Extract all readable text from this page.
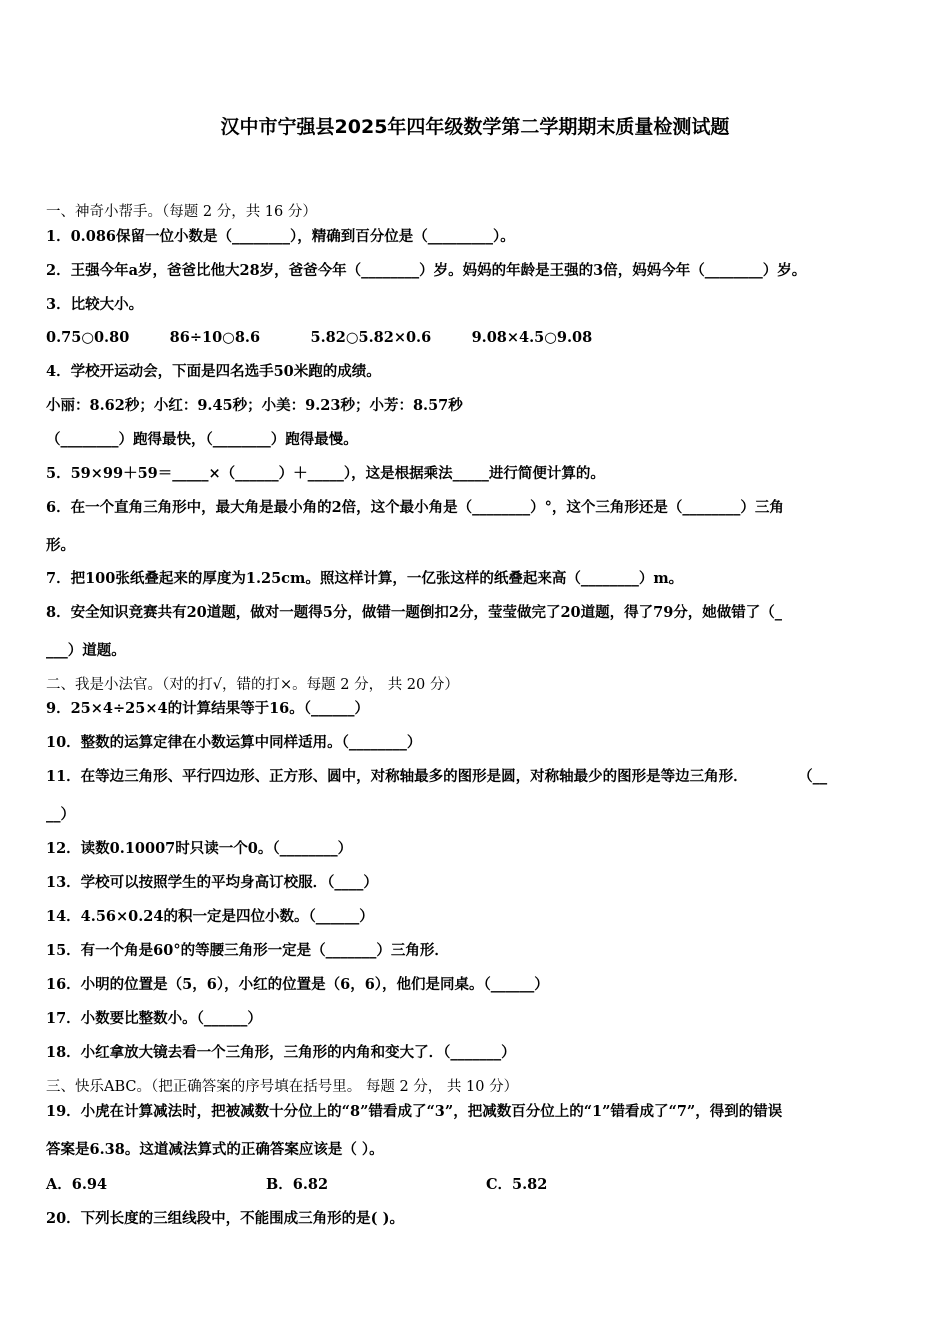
汉中市宁强县2025年四年级数学第二学期期末质量检测试题
一、神奇小帮手。（每题 2 分，共 16 分）
1．0.086保留一位小数是（________），精确到百分位是（_________）。
2．王强今年a岁，爸爸比他大28岁，爸爸今年（________）岁。妈妈的年龄是王强的3倍，妈妈今年（________）岁。
3．比较大小。
0.75○0.80        86÷10○8.6          5.82○5.82×0.6        9.08×4.5○9.08
4．学校开运动会，下面是四名选手50米跑的成绩。
小丽：8.62秒；小红：9.45秒；小美：9.23秒；小芳：8.57秒
（________）跑得最快，（________）跑得最慢。
5．59×99＋59＝_____×（______）＋_____），这是根据乘法_____进行简便计算的。
6．在一个直角三角形中，最大角是最小角的2倍，这个最小角是（________）°，这个三角形还是（________）三角
形。
7．把100张纸叠起来的厚度为1.25cm。照这样计算，一亿张这样的纸叠起来高（________）m。
8．安全知识竞赛共有20道题，做对一题得5分，做错一题倒扣2分，莹莹做完了20道题，得了79分，她做错了（_
___）道题。
二、我是小法官。（对的打√，错的打×。每题 2 分， 共 20 分）
9．25×4÷25×4的计算结果等于16。（______）
10．整数的运算定律在小数运算中同样适用。（________）
11．在等边三角形、平行四边形、正方形、圆中，对称轴最多的图形是圆，对称轴最少的图形是等边三角形．          （__
__）
12．读数0.10007时只读一个0。（________）
13．学校可以按照学生的平均身高订校服．（____）
14．4.56×0.24的积一定是四位小数。（______）
15．有一个角是60°的等腰三角形一定是（_______）三角形．
16．小明的位置是（5，6），小红的位置是（6，6），他们是同桌。（______）
17．小数要比整数小。（______）
18．小红拿放大镜去看一个三角形，三角形的内角和变大了．（_______）
三、快乐ABC。（把正确答案的序号填在括号里。 每题 2 分， 共 10 分）
19．小虎在计算减法时，把被减数十分位上的“8”错看成了“3”，把减数百分位上的“1”错看成了“7”，得到的错误
答案是6.38。这道减法算式的正确答案应该是（ ）。
A．6.94	B．6.82	C．5.82
20．下列长度的三组线段中，不能围成三角形的是( )。
